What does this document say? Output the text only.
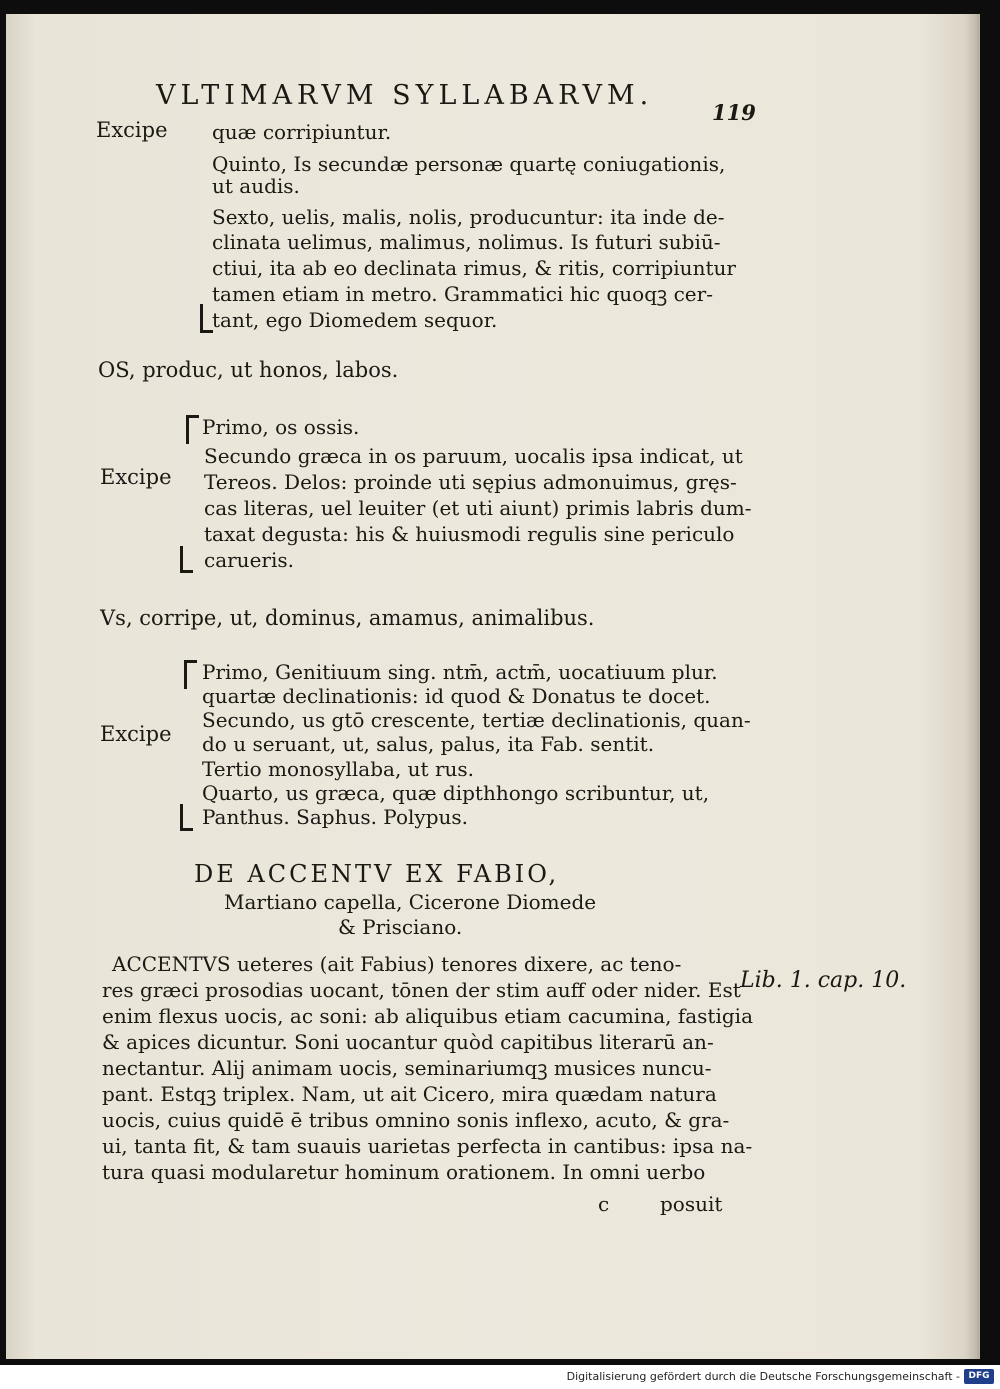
VLTIMARVM SYLLABARVM.

119

Excipe quæ corripiuntur.

Quinto, Is secundæ personæ quartę coniugationis,

ut audis.

Sexto, uelis, malis, nolis, producuntur: ita inde de-

clinata uelimus, malimus, nolimus. Is futuri subiū-

ctiui, ita ab eo declinata rimus, & ritis, corripiuntur

tamen etiam in metro. Grammatici hic quoqꝫ cer-

tant, ego Diomedem sequor.

OS, produc, ut honos, labos.

Excipe

Primo, os ossis.

Secundo græca in os paruum, uocalis ipsa indicat, ut

Tereos. Delos: proinde uti sępius admonuimus, gręs-

cas literas, uel leuiter (et uti aiunt) primis labris dum-

taxat degusta: his & huiusmodi regulis sine periculo

carueris.

Vs, corripe, ut, dominus, amamus, animalibus.

Excipe

Primo, Genitiuum sing. ntm̄, actm̄, uocatiuum plur.

quartæ declinationis: id quod & Donatus te docet.

Secundo, us gtō crescente, tertiæ declinationis, quan-

do u seruant, ut, salus, palus, ita Fab. sentit.

Tertio monosyllaba, ut rus.

Quarto, us græca, quæ dipthhongo scribuntur, ut,

Panthus. Saphus. Polypus.

DE ACCENTV EX FABIO,

Martiano capella, Cicerone Diomede

& Prisciano.

ACCENTVS ueteres (ait Fabius) tenores dixere, ac teno-

res græci prosodias uocant, tōnen der stim auff oder nider. Est

enim flexus uocis, ac soni: ab aliquibus etiam cacumina, fastigia

& apices dicuntur. Soni uocantur quòd capitibus literarū an-

nectantur. Alij animam uocis, seminariumqꝫ musices nuncu-

pant. Estqꝫ triplex. Nam, ut ait Cicero, mira quædam natura

uocis, cuius quidē ē tribus omnino sonis inflexo, acuto, & gra-

ui, tanta fit, & tam suauis uarietas perfecta in cantibus: ipsa na-

tura quasi modularetur hominum orationem. In omni uerbo

Lib. 1. cap. 10.

c	posuit

Digitalisierung gefördert durch die Deutsche Forschungsgemeinschaft - DFG
